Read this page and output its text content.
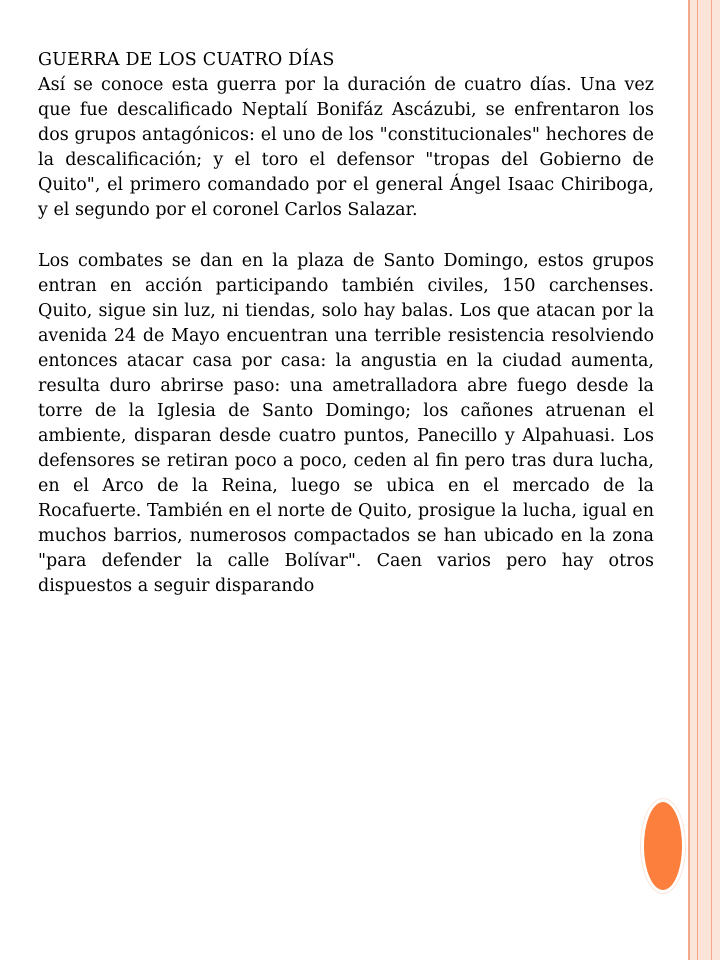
GUERRA DE LOS CUATRO DÍAS

Así se conoce esta guerra por la duración de cuatro días. Una vez que fue descalificado Neptalí Bonifáz Ascázubi, se enfrentaron los dos grupos antagónicos: el uno de los "constitucionales" hechores de la descalificación; y el toro el defensor "tropas del Gobierno de Quito", el primero comandado por el general Ángel Isaac Chiriboga, y el segundo por el coronel Carlos Salazar.

Los combates se dan en la plaza de Santo Domingo, estos grupos entran en acción participando también civiles, 150 carchenses. Quito, sigue sin luz, ni tiendas, solo hay balas. Los que atacan por la avenida 24 de Mayo encuentran una terrible resistencia resolviendo entonces atacar casa por casa: la angustia en la ciudad aumenta, resulta duro abrirse paso: una ametralladora abre fuego desde la torre de la Iglesia de Santo Domingo; los cañones atruenan el ambiente, disparan desde cuatro puntos, Panecillo y Alpahuasi. Los defensores se retiran poco a poco, ceden al fin pero tras dura lucha, en el Arco de la Reina, luego se ubica en el mercado de la Rocafuerte. También en el norte de Quito, prosigue la lucha, igual en muchos barrios, numerosos compactados se han ubicado en la zona "para defender la calle Bolívar". Caen varios pero hay otros dispuestos a seguir disparando
